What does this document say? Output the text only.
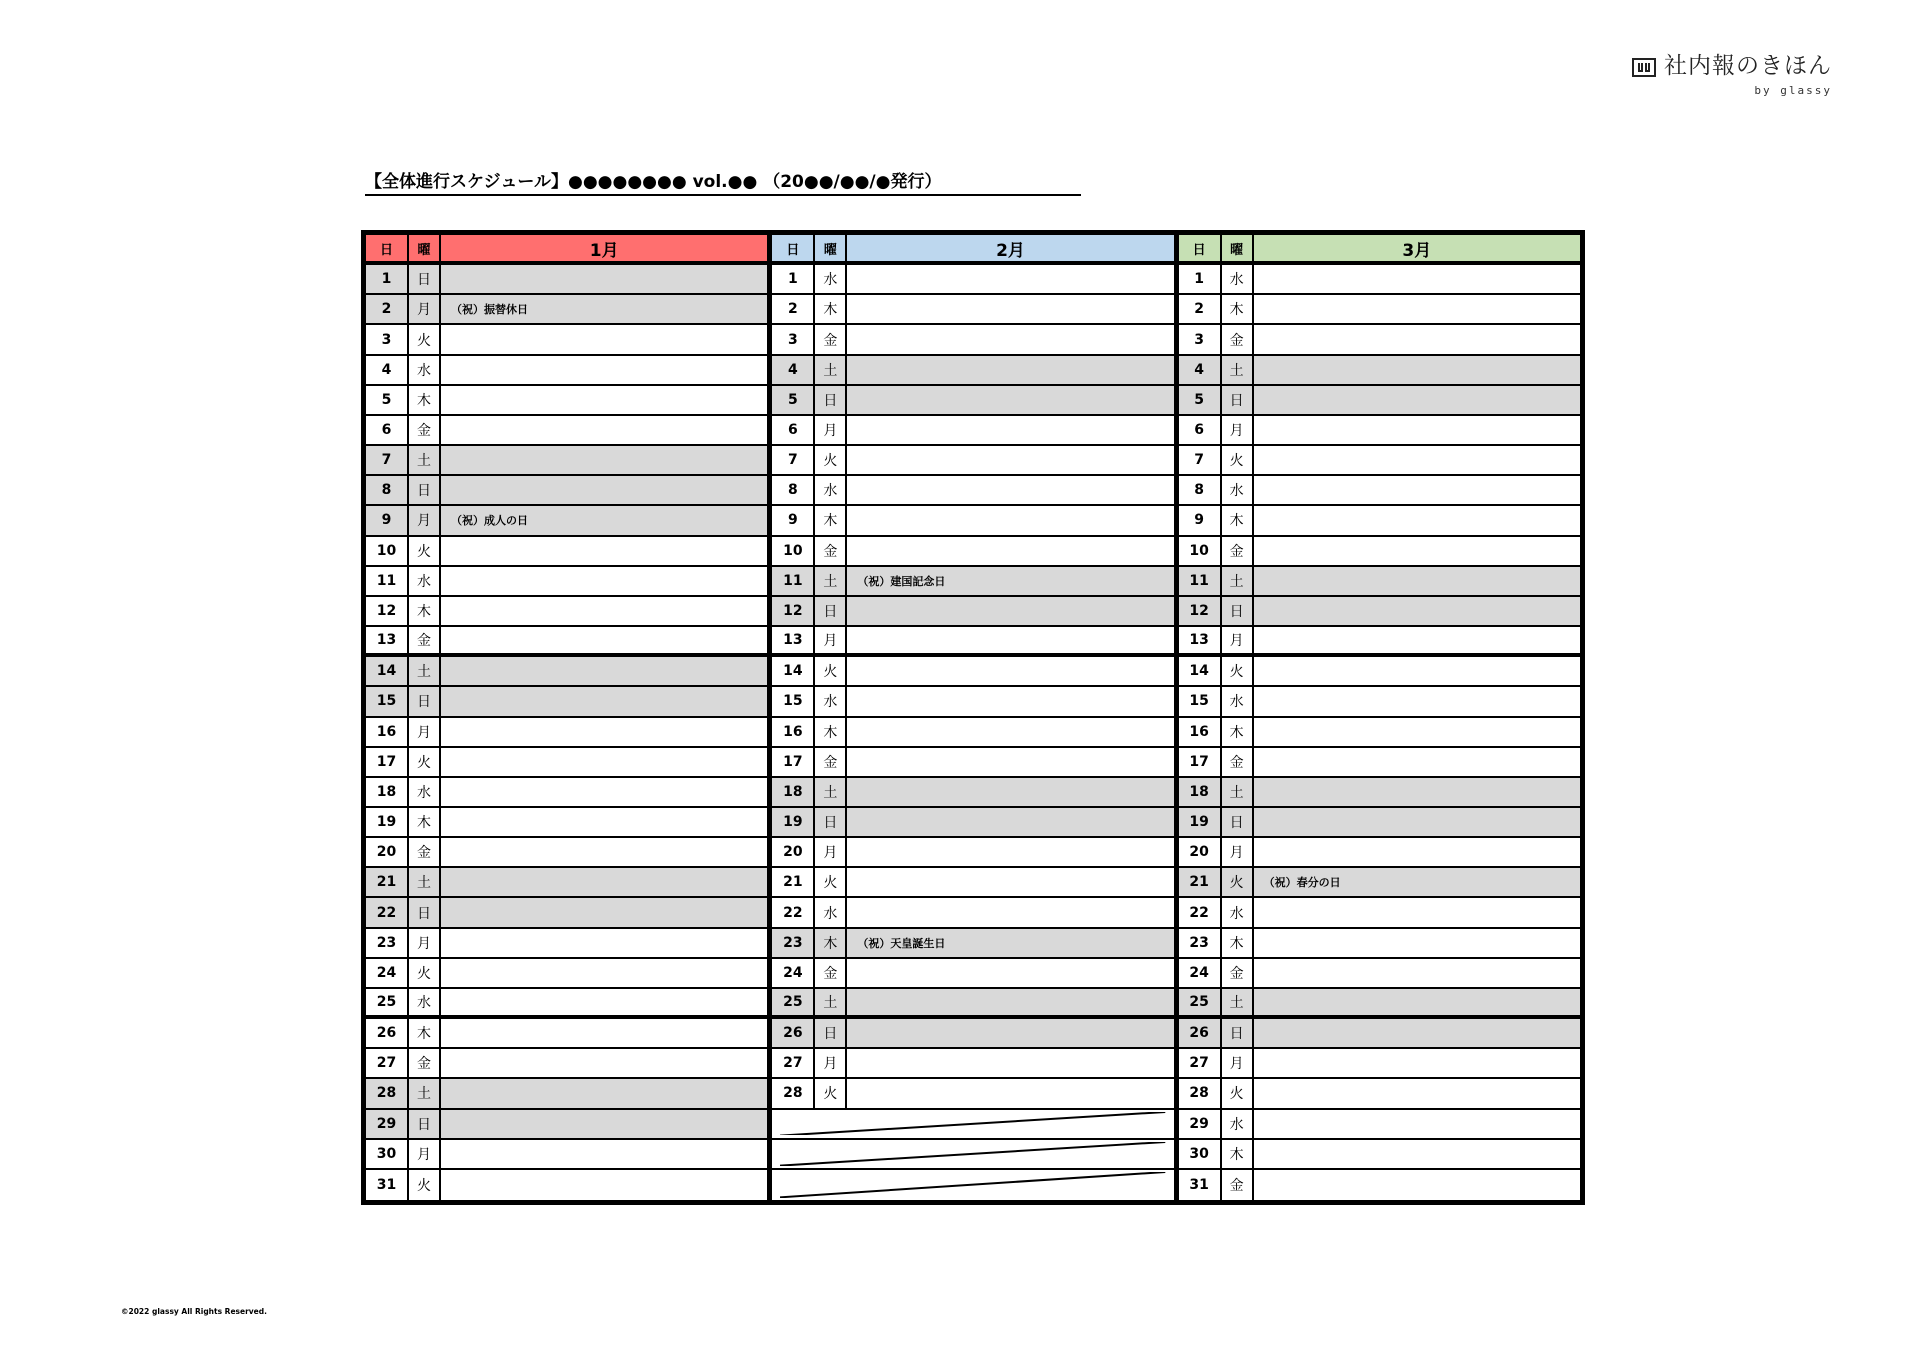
社内報のきほん
by glassy
【全体進行スケジュール】●●●●●●●● vol.●● （20●●/●●/●発行）
日	曜	1月
1	日
2	月	（祝）振替休日
3	火
4	水
5	木
6	金
7	土
8	日
9	月	（祝）成人の日
10	火
11	水
12	木
13	金
14	土
15	日
16	月
17	火
18	水
19	木
20	金
21	土
22	日
23	月
24	火
25	水
26	木
27	金
28	土
29	日
30	月
31	火
日	曜	2月
1	水
2	木
3	金
4	土
5	日
6	月
7	火
8	水
9	木
10	金
11	土	（祝）建国記念日
12	日
13	月
14	火
15	水
16	木
17	金
18	土
19	日
20	月
21	火
22	水
23	木	（祝）天皇誕生日
24	金
25	土
26	日
27	月
28	火
日	曜	3月
1	水
2	木
3	金
4	土
5	日
6	月
7	火
8	水
9	木
10	金
11	土
12	日
13	月
14	火
15	水
16	木
17	金
18	土
19	日
20	月
21	火	（祝）春分の日
22	水
23	木
24	金
25	土
26	日
27	月
28	火
29	水
30	木
31	金
©2022 glassy All Rights Reserved.
